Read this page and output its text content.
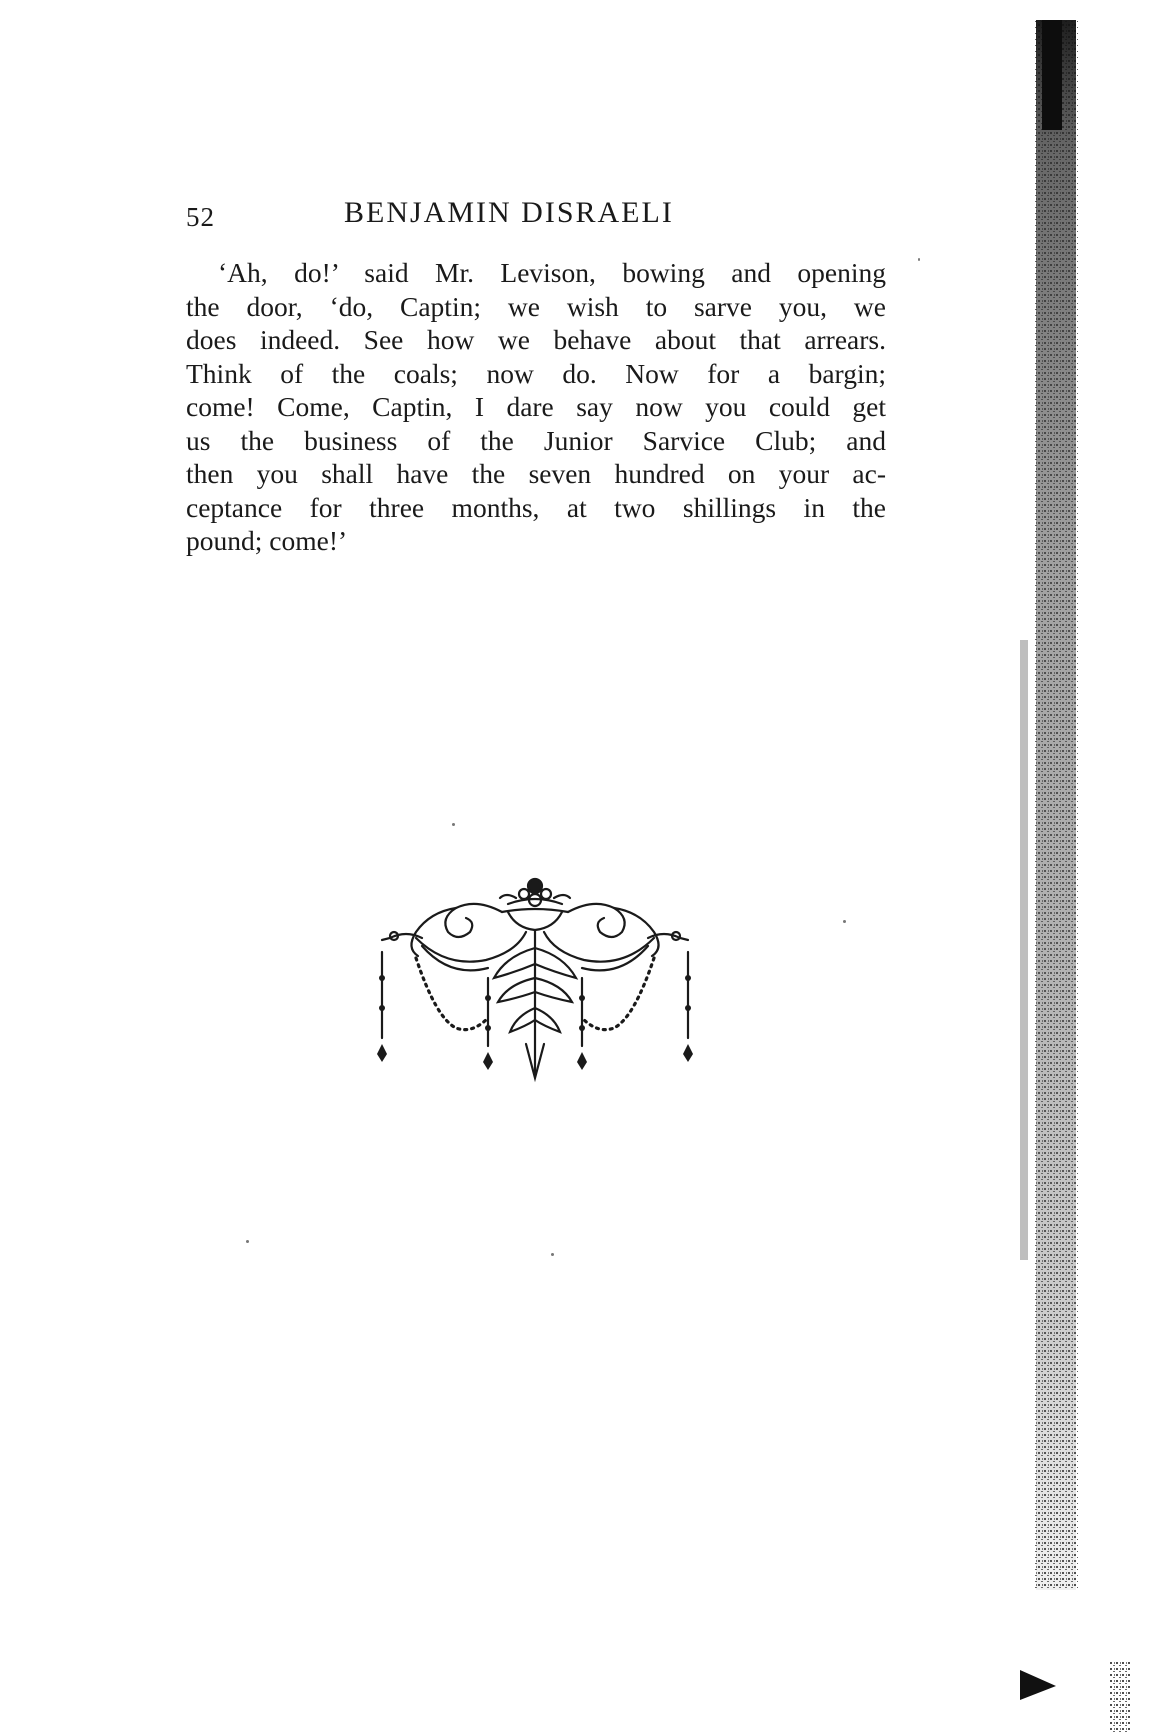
52	BENJAMIN DISRAELI

‘Ah, do!’ said Mr. Levison, bowing and opening
the door, ‘do, Captin; we wish to sarve you, we
does indeed. See how we behave about that arrears.
Think of the coals; now do. Now for a bargin;
come! Come, Captin, I dare say now you could get
us the business of the Junior Sarvice Club; and
then you shall have the seven hundred on your ac-
ceptance for three months, at two shillings in the
pound; come!’
